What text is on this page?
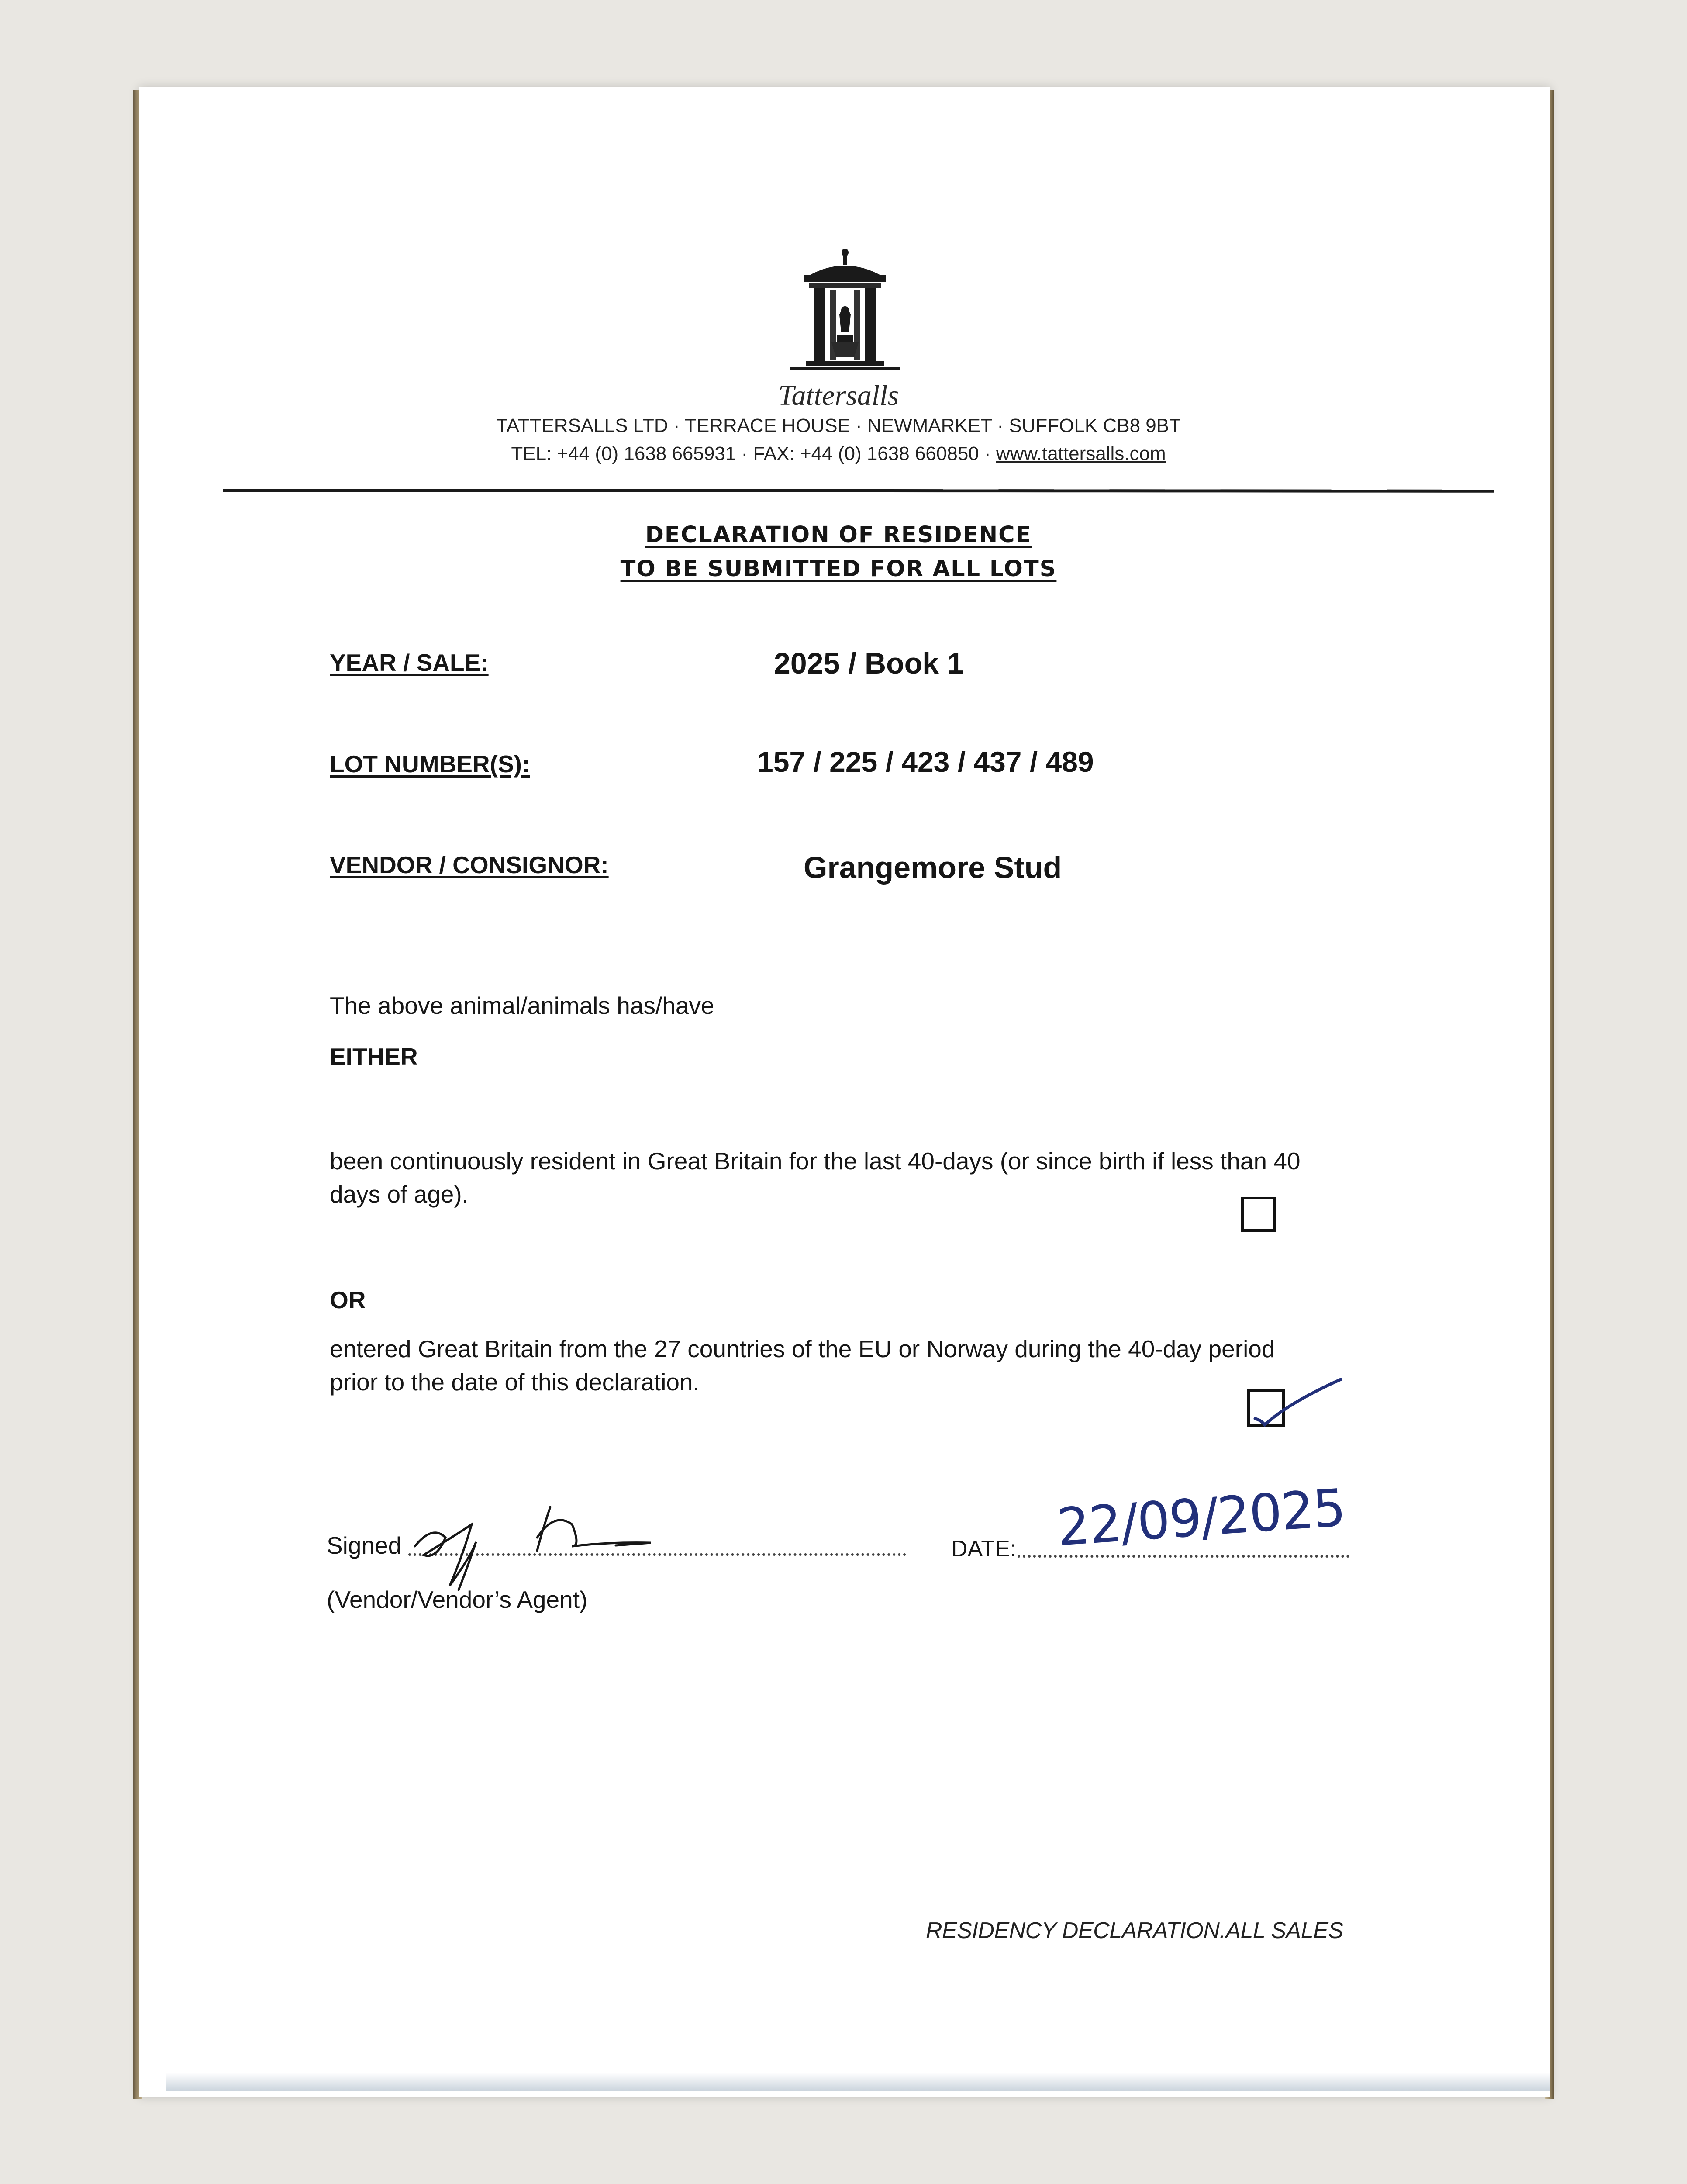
Tattersalls
TATTERSALLS LTD · TERRACE HOUSE · NEWMARKET · SUFFOLK CB8 9BT
TEL: +44 (0) 1638 665931 · FAX: +44 (0) 1638 660850 · www.tattersalls.com
DECLARATION OF RESIDENCE
TO BE SUBMITTED FOR ALL LOTS
YEAR / SALE:	2025 / Book 1
LOT NUMBER(S):	157 / 225 / 423 / 437 / 489
VENDOR / CONSIGNOR:	Grangemore Stud
The above animal/animals has/have
EITHER
been continuously resident in Great Britain for the last 40-days (or since birth if less than 40
days of age).
OR
entered Great Britain from the 27 countries of the EU or Norway during the 40-day period
prior to the date of this declaration.
Signed
(Vendor/Vendor’s Agent)
DATE: 22/09/2025
RESIDENCY DECLARATION.ALL SALES
